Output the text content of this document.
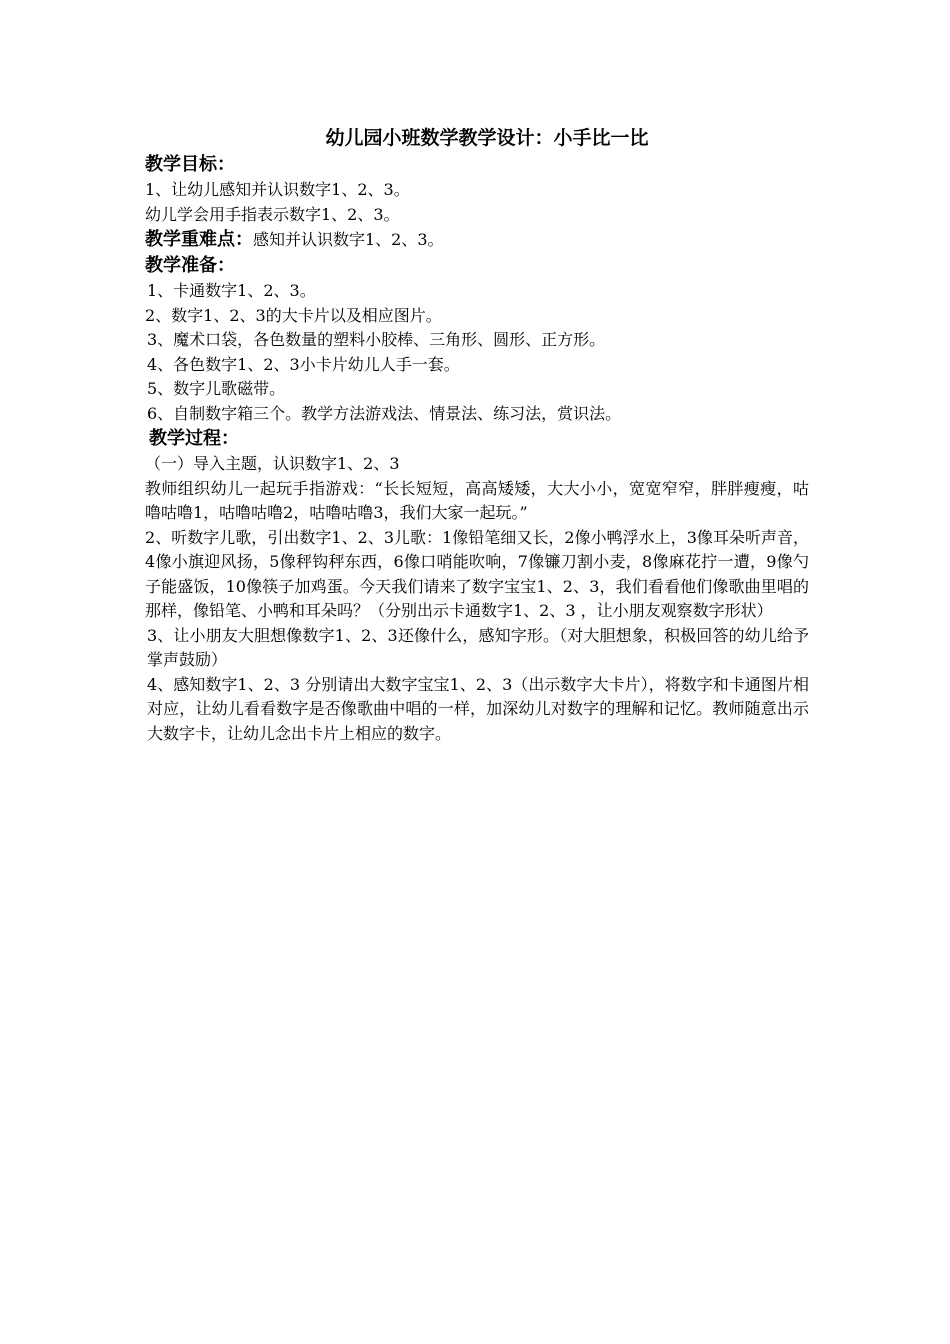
幼儿园小班数学教学设计：小手比一比

教学目标：

1、让幼儿感知并认识数字1、2、3。

幼儿学会用手指表示数字1、2、3。

教学重难点：感知并认识数字1、2、3。

教学准备：

1、卡通数字1、2、3。

2、数字1、2、3的大卡片以及相应图片。

3、魔术口袋，各色数量的塑料小胶棒、三角形、圆形、正方形。

4、各色数字1、2、3小卡片幼儿人手一套。

5、数字儿歌磁带。

6、自制数字箱三个。教学方法游戏法、情景法、练习法，赏识法。

教学过程：

（一）导入主题，认识数字1、2、3

教师组织幼儿一起玩手指游戏：“长长短短，高高矮矮，大大小小，宽宽窄窄，胖胖瘦瘦，咕噜咕噜1，咕噜咕噜2，咕噜咕噜3，我们大家一起玩。”

2、听数字儿歌，引出数字1、2、3儿歌：1像铅笔细又长，2像小鸭浮水上，3像耳朵听声音，4像小旗迎风扬，5像秤钩秤东西，6像口哨能吹响，7像镰刀割小麦，8像麻花拧一遭，9像勺子能盛饭，10像筷子加鸡蛋。今天我们请来了数字宝宝1、2、3，我们看看他们像歌曲里唱的那样，像铅笔、小鸭和耳朵吗？（分别出示卡通数字1、2、3 ，让小朋友观察数字形状）

3、让小朋友大胆想像数字1、2、3还像什么，感知字形。（对大胆想象，积极回答的幼儿给予掌声鼓励）

4、感知数字1、2、3 分别请出大数字宝宝1、2、3（出示数字大卡片），将数字和卡通图片相对应，让幼儿看看数字是否像歌曲中唱的一样，加深幼儿对数字的理解和记忆。教师随意出示大数字卡，让幼儿念出卡片上相应的数字。
